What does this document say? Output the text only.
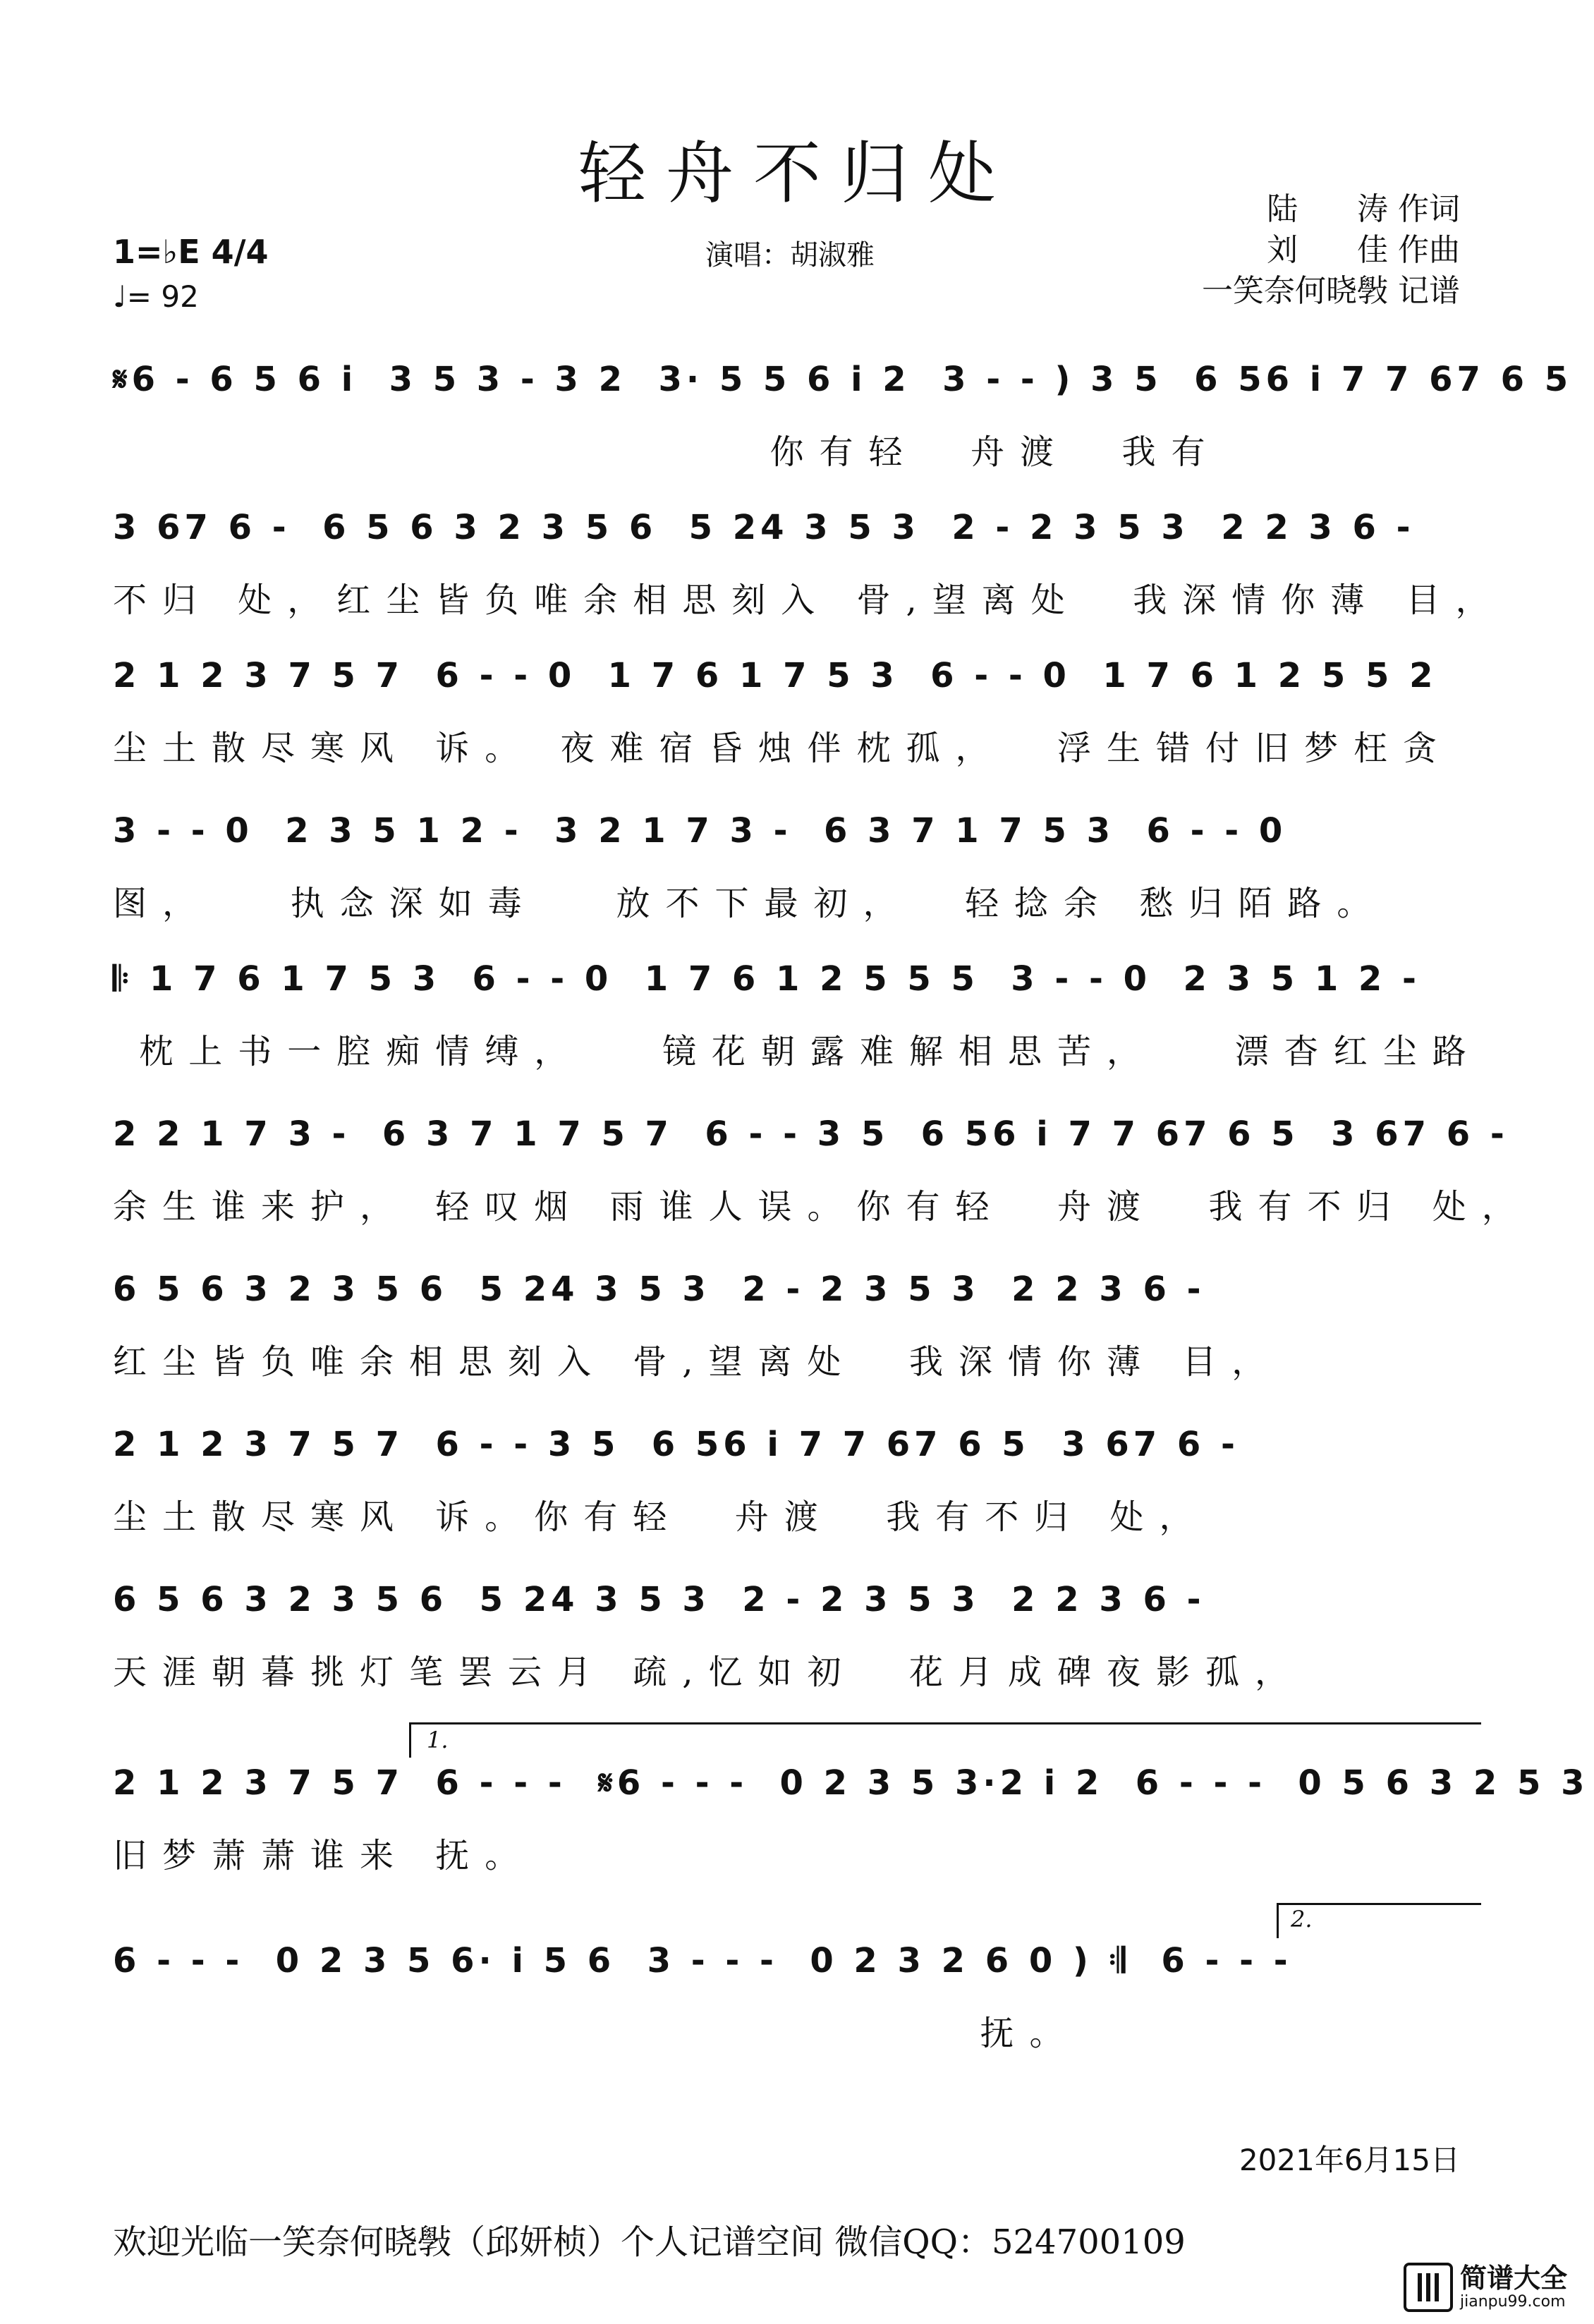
轻舟不归处	陆      涛 作词
刘      佳 作曲
一笑奈何晓斅 记谱
1=♭E 4/4
♩= 92
演唱：胡淑雅
𝄋6 - 6 5 6 i  3 5 3 - 3 2  3· 5 5 6 i 2  3 - - ) 3 5  6 56 i 7 7 67 6 5
你有轻  舟渡  我有
3 67 6 -  6 5 6 3 2 3 5 6  5 24 3 5 3  2 - 2 3 5 3  2 2 3 6 -
不归 处，红尘皆负唯余相思刻入 骨,望离处  我深情你薄 目，
2 1 2 3 7 5 7  6 - - 0  1 7 6 1 7 5 3  6 - - 0  1 7 6 1 2 5 5 2
尘土散尽寒风 诉。 夜难宿昏烛伴枕孤，  浮生错付旧梦枉贪
3 - - 0  2 3 5 1 2 -  3 2 1 7 3 -  6 3 7 1 7 5 3  6 - - 0
图，   执念深如毒   放不下最初，  轻捻余 愁归陌路。
𝄆 1 7 6 1 7 5 3  6 - - 0  1 7 6 1 2 5 5 5  3 - - 0  2 3 5 1 2 -
枕上书一腔痴情缚，   镜花朝露难解相思苦，   漂杳红尘路
2 2 1 7 3 -  6 3 7 1 7 5 7  6 - - 3 5  6 56 i 7 7 67 6 5  3 67 6 -
余生谁来护， 轻叹烟 雨谁人误。你有轻  舟渡  我有不归 处，
6 5 6 3 2 3 5 6  5 24 3 5 3  2 - 2 3 5 3  2 2 3 6 -
红尘皆负唯余相思刻入 骨,望离处  我深情你薄 目，
2 1 2 3 7 5 7  6 - - 3 5  6 56 i 7 7 67 6 5  3 67 6 -
尘土散尽寒风 诉。你有轻  舟渡  我有不归 处，
6 5 6 3 2 3 5 6  5 24 3 5 3  2 - 2 3 5 3  2 2 3 6 -
天涯朝暮挑灯笔罢云月 疏,忆如初  花月成碑夜影孤，
1.
2 1 2 3 7 5 7  6 - - -  𝄋6 - - -  0 2 3 5 3·2 i 2  6 - - -  0 5 6 3 2 5 3
旧梦萧萧谁来 抚。
2.
6 - - -  0 2 3 5 6· i 5 6  3 - - -  0 2 3 2 6 0 ) 𝄇  6 - - -
抚。
2021年6月15日
欢迎光临一笑奈何晓斅（邱妍桢）个人记谱空间 微信QQ：524700109
简谱大全
jianpu99.com
